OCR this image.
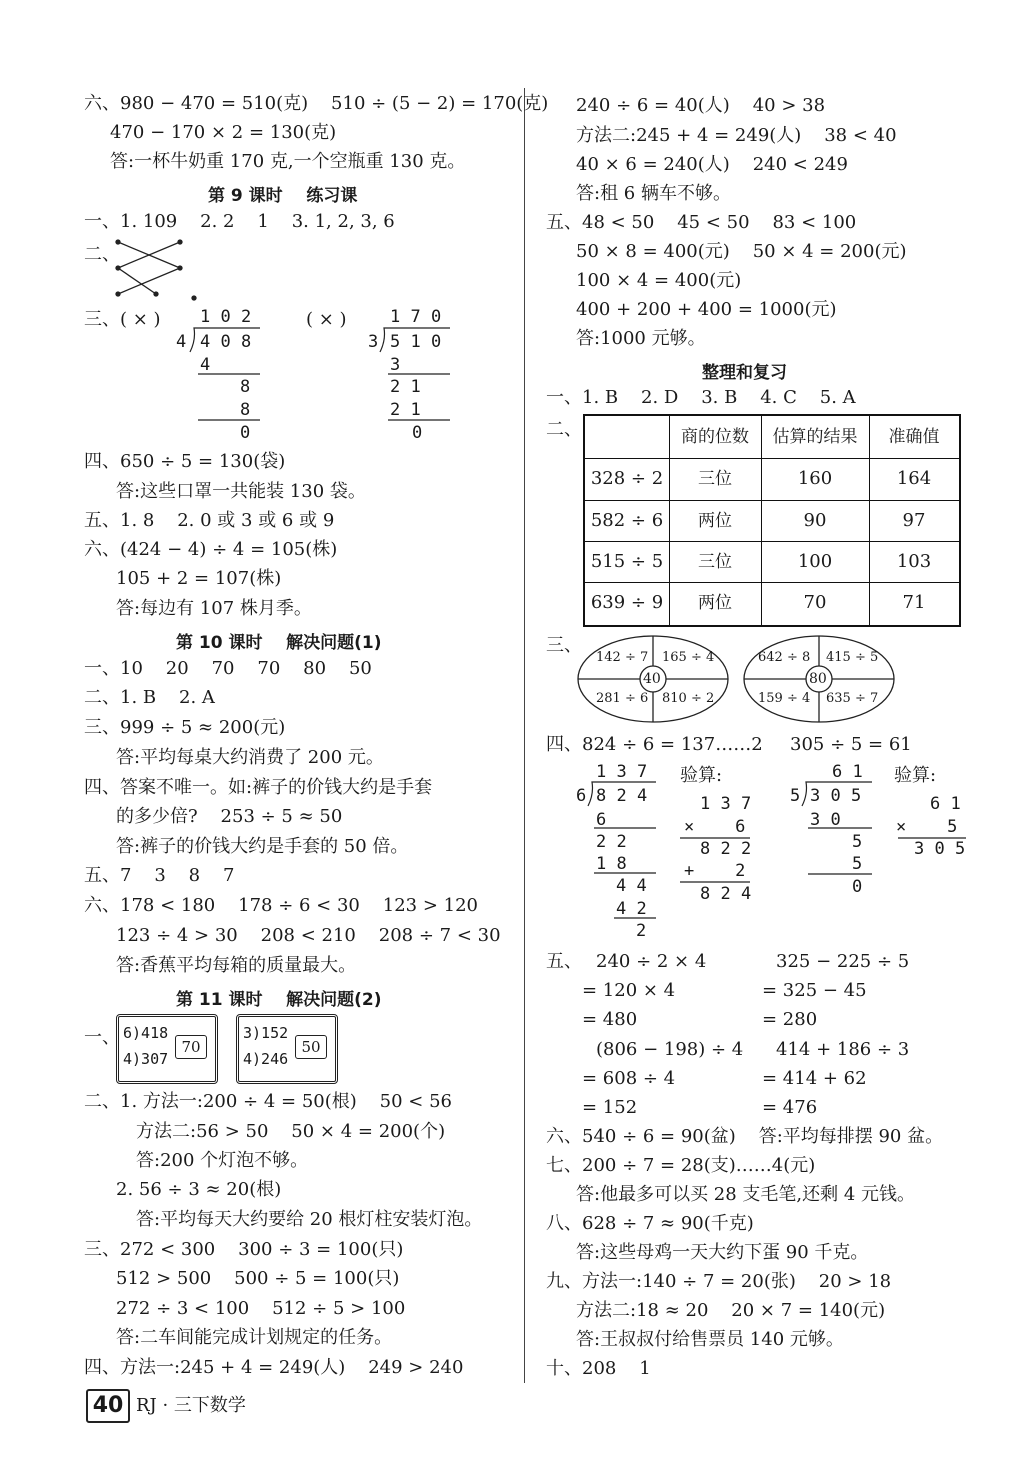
六、980 − 470 = 510(克)    510 ÷ (5 − 2) = 170(克)
470 − 170 × 2 = 130(克)
答:一杯牛奶重 170 克,一个空瓶重 130 克。
第 9 课时    练习课
一、1. 109    2. 2    1    3. 1, 2, 3, 6
二、
三、( × )	( × )
1 0 2
4 4 0 8
4
8
8
0
1 7 0
3 5 1 0
3
2 1
2 1
0
四、650 ÷ 5 = 130(袋)
答:这些口罩一共能装 130 袋。
五、1. 8    2. 0 或 3 或 6 或 9
六、(424 − 4) ÷ 4 = 105(株)
105 + 2 = 107(株)
答:每边有 107 株月季。
第 10 课时    解决问题(1)
一、10    20    70    70    80    50
二、1. B    2. A
三、999 ÷ 5 ≈ 200(元)
答:平均每桌大约消费了 200 元。
四、答案不唯一。如:裤子的价钱大约是手套
的多少倍?    253 ÷ 5 ≈ 50
答:裤子的价钱大约是手套的 50 倍。
五、7    3    8    7
六、178 < 180    178 ÷ 6 < 30    123 > 120
123 ÷ 4 > 30    208 < 210    208 ÷ 7 < 30
答:香蕉平均每箱的质量最大。
第 11 课时    解决问题(2)
一、 6)418
4)307
70
3)152
4)246
50
二、1. 方法一:200 ÷ 4 = 50(根)    50 < 56
方法二:56 > 50    50 × 4 = 200(个)
答:200 个灯泡不够。
2. 56 ÷ 3 ≈ 20(根)
答:平均每天大约要给 20 根灯柱安装灯泡。
三、272 < 300    300 ÷ 3 = 100(只)
512 > 500    500 ÷ 5 = 100(只)
272 ÷ 3 < 100    512 ÷ 5 > 100
答:二车间能完成计划规定的任务。
四、方法一:245 + 4 = 249(人)    249 > 240
240 ÷ 6 = 40(人)    40 > 38
方法二:245 + 4 = 249(人)    38 < 40
40 × 6 = 240(人)    240 < 249
答:租 6 辆车不够。
五、48 < 50    45 < 50    83 < 100
50 × 8 = 400(元)    50 × 4 = 200(元)
100 × 4 = 400(元)
400 + 200 + 400 = 1000(元)
答:1000 元够。
整理和复习
一、1. B    2. D    3. B    4. C    5. A
二、	商的位数	估算的结果	准确值
328 ÷ 2	三位	160	164
582 ÷ 6	两位	90	97
515 ÷ 5	三位	100	103
639 ÷ 9	两位	70	71
三、
142 ÷ 7 165 ÷ 4
281 ÷ 6 810 ÷ 2
40
642 ÷ 8 415 ÷ 5
159 ÷ 4 635 ÷ 7
80
四、824 ÷ 6 = 137……2 305 ÷ 5 = 61
1 3 7
6 8 2 4
6
2 2
1 8
4 4
4 2
2
验算:
1 3 7
×    6
8 2 2
+    2
8 2 4
6 1
5 3 0 5
3 0
5
5
0
验算:
6 1
×    5
3 0 5
五、 240 ÷ 2 × 4
= 120 × 4
= 480
325 − 225 ÷ 5
= 325 − 45
= 280
(806 − 198) ÷ 4
= 608 ÷ 4
= 152
414 + 186 ÷ 3
= 414 + 62
= 476
六、540 ÷ 6 = 90(盆)    答:平均每排摆 90 盆。
七、200 ÷ 7 = 28(支)……4(元)
答:他最多可以买 28 支毛笔,还剩 4 元钱。
八、628 ÷ 7 ≈ 90(千克)
答:这些母鸡一天大约下蛋 90 千克。
九、方法一:140 ÷ 7 = 20(张)    20 > 18
方法二:18 ≈ 20    20 × 7 = 140(元)
答:王叔叔付给售票员 140 元够。
十、208    1
40 RJ · 三下数学
